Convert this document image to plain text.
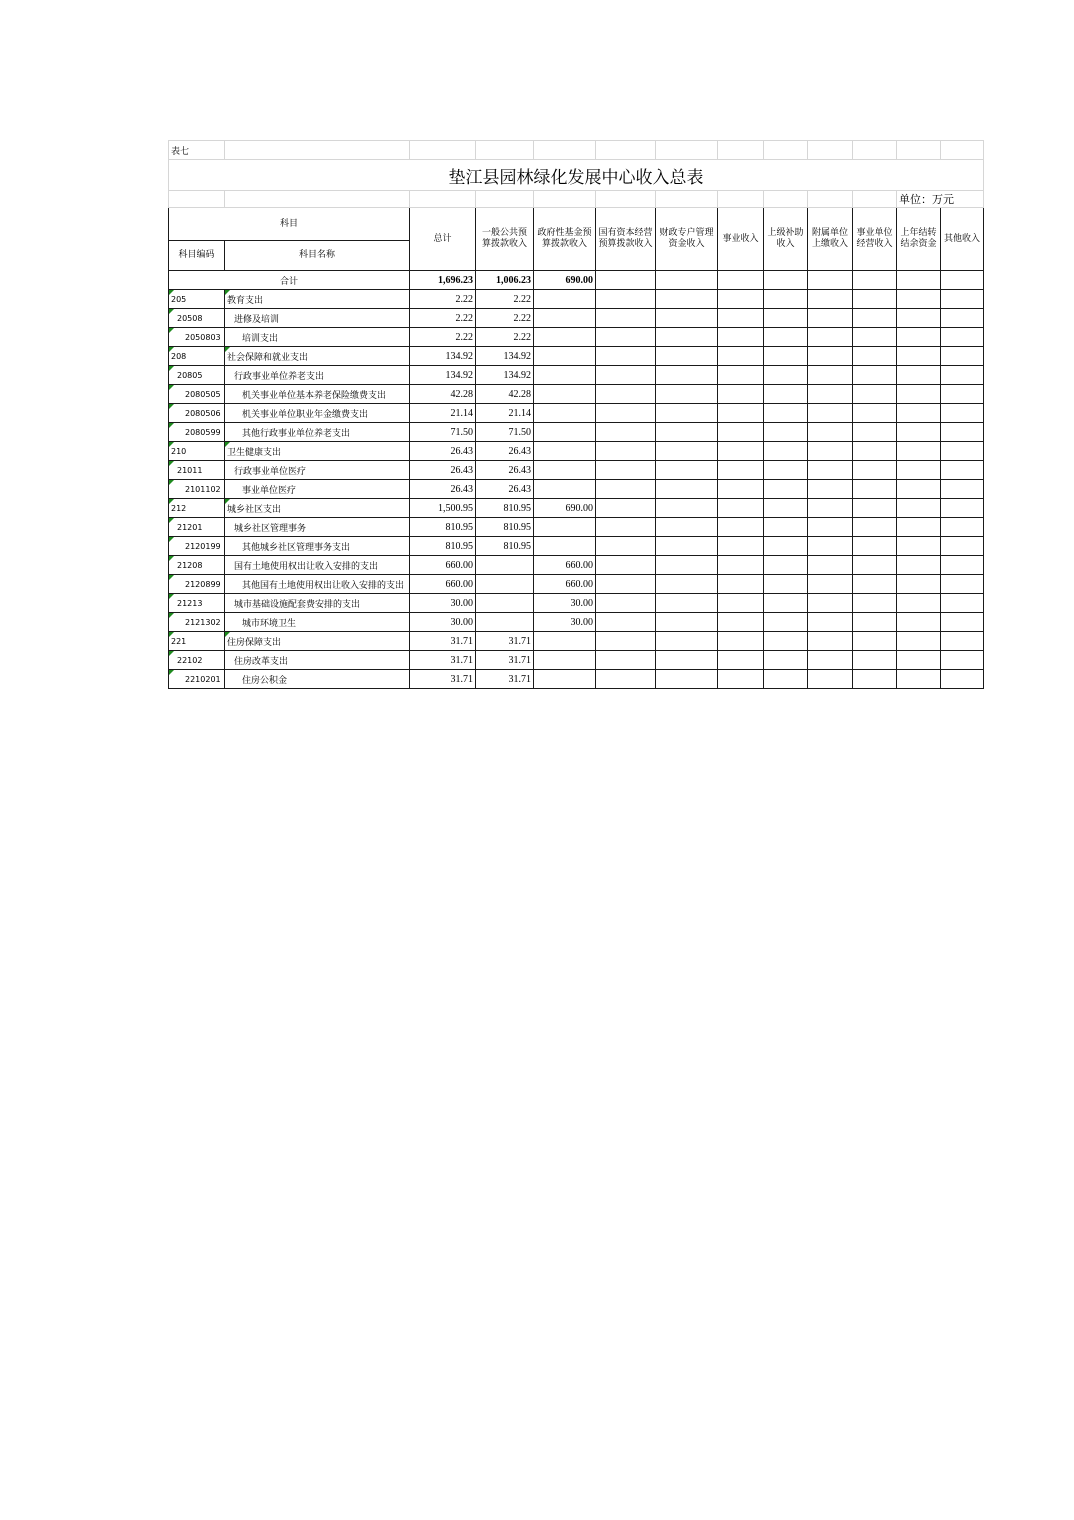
表七												
垫江县园林绿化发展中心收入总表												
											单位：万元	
科目		总计	一般公共预算拨款收入	政府性基金预算拨款收入	国有资本经营预算拨款收入	财政专户管理资金收入	事业收入	上级补助收入	附属单位上缴收入	事业单位经营收入	上年结转结余资金	其他收入
科目编码	科目名称											
合计		1,696.23	1,006.23	690.00								
205	教育支出	2.22	2.22									
20508	进修及培训	2.22	2.22									
2050803	培训支出	2.22	2.22									
208	社会保障和就业支出	134.92	134.92									
20805	行政事业单位养老支出	134.92	134.92									
2080505	机关事业单位基本养老保险缴费支出	42.28	42.28									
2080506	机关事业单位职业年金缴费支出	21.14	21.14									
2080599	其他行政事业单位养老支出	71.50	71.50									
210	卫生健康支出	26.43	26.43									
21011	行政事业单位医疗	26.43	26.43									
2101102	事业单位医疗	26.43	26.43									
212	城乡社区支出	1,500.95	810.95	690.00								
21201	城乡社区管理事务	810.95	810.95									
2120199	其他城乡社区管理事务支出	810.95	810.95									
21208	国有土地使用权出让收入安排的支出	660.00		660.00								
2120899	其他国有土地使用权出让收入安排的支出	660.00		660.00								
21213	城市基础设施配套费安排的支出	30.00		30.00								
2121302	城市环境卫生	30.00		30.00								
221	住房保障支出	31.71	31.71									
22102	住房改革支出	31.71	31.71									
2210201	住房公积金	31.71	31.71									
